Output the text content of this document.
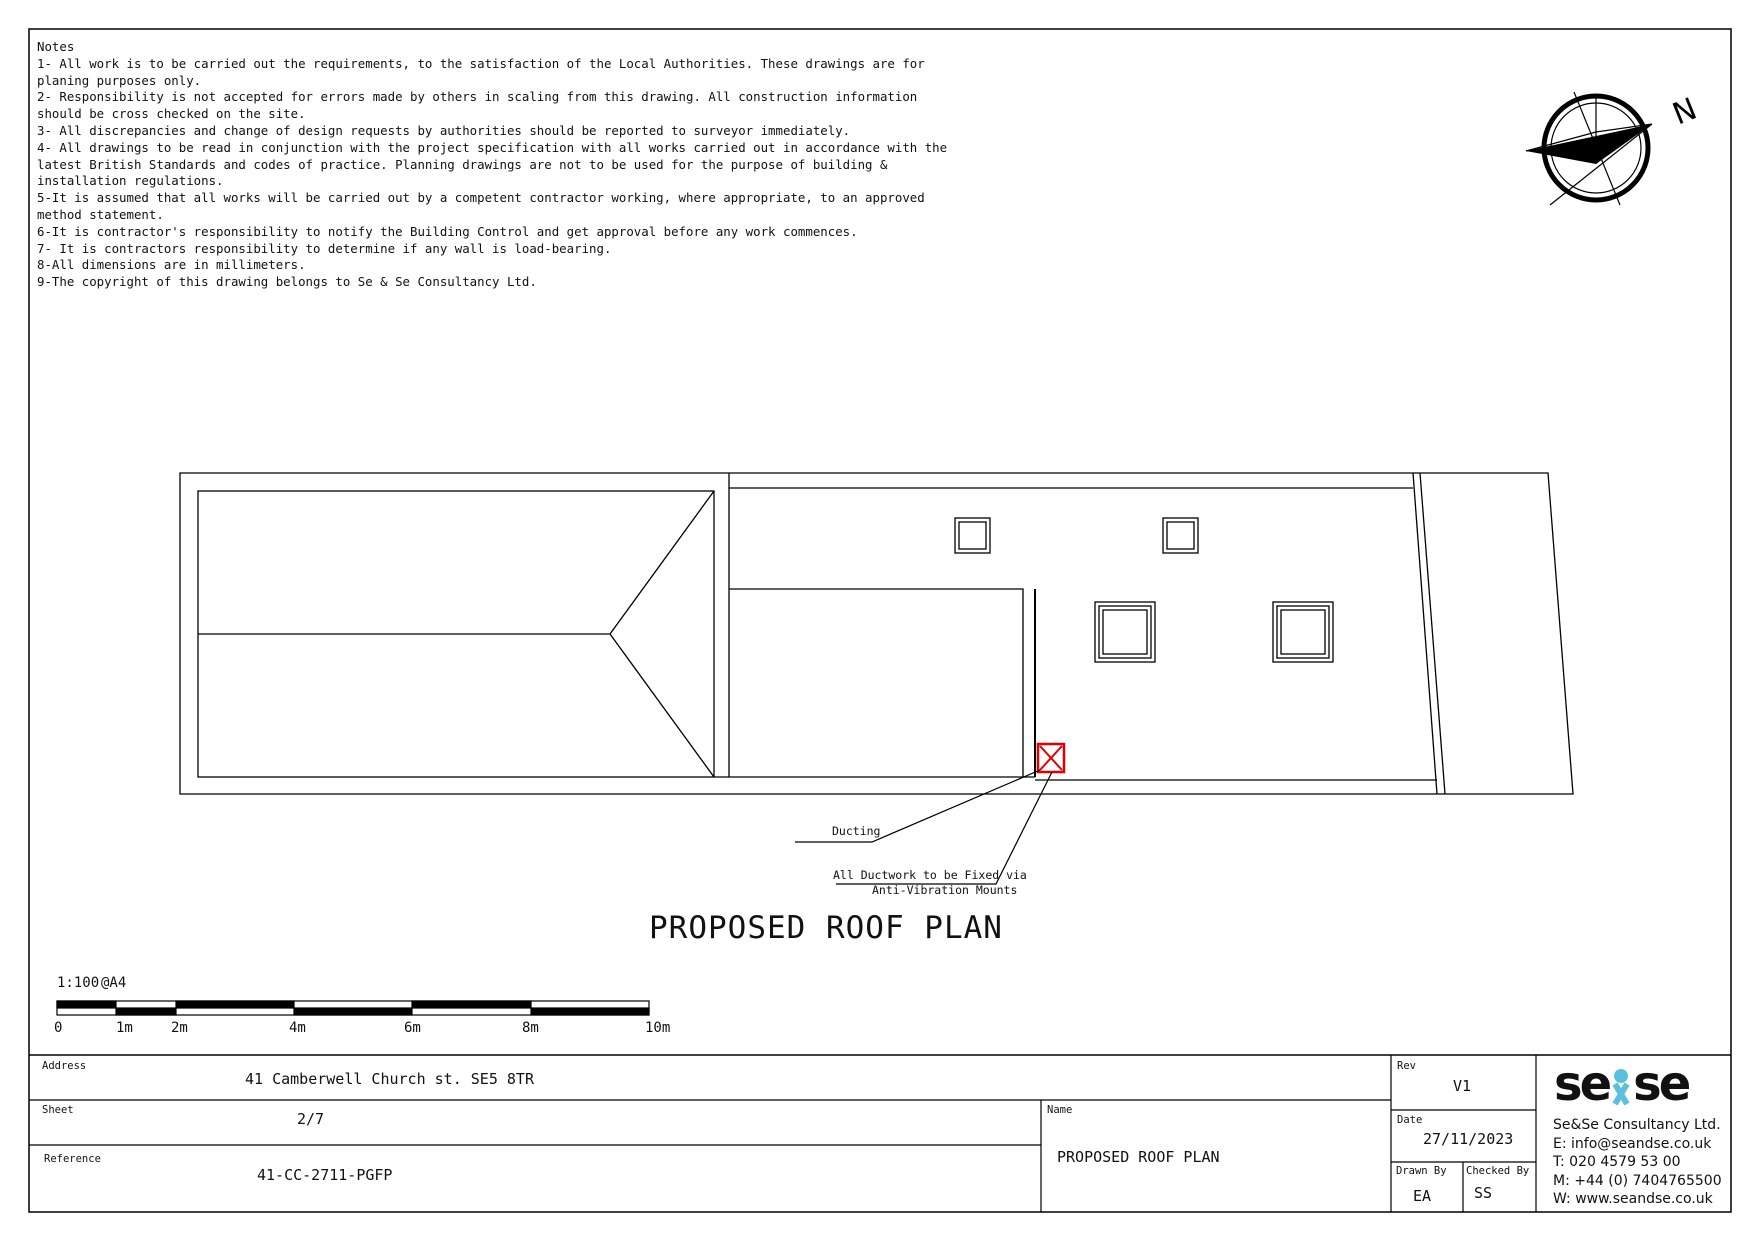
Notes
1- All work is to be carried out the requirements, to the satisfaction of the Local Authorities. These drawings are for planing purposes only.
2- Responsibility is not accepted for errors made by others in scaling from this drawing. All construction information should be cross checked on the site.
3- All discrepancies and change of design requests by authorities should be reported to surveyor immediately.
4- All drawings to be read in conjunction with the project specification with all works carried out in accordance with the latest British Standards and codes of practice. Planning drawings are not to be used for the purpose of building & installation regulations.
5-It is assumed that all works will be carried out by a competent contractor working, where appropriate, to an approved method statement.
6-It is contractor's responsibility to notify the Building Control and get approval before any work commences.
7- It is contractors responsibility to determine if any wall is load-bearing.
8-All dimensions are in millimeters.
9-The copyright of this drawing belongs to Se & Se Consultancy Ltd.
N
Ducting
All Ductwork to be Fixed via
Anti-Vibration Mounts
PROPOSED ROOF PLAN
1:100 @A4
0	1m	2m	4m	6m	8m	10m
Address
41 Camberwell Church st. SE5 8TR
Sheet	2/7
Reference
41-CC-2711-PGFP
Name
PROPOSED ROOF PLAN
Rev
V1
Date
27/11/2023
Drawn By
EA
Checked By
SS
se se
Se&Se Consultancy Ltd.
E: info@seandse.co.uk
T: 020 4579 53 00
M: +44 (0) 7404765500
W: www.seandse.co.uk
